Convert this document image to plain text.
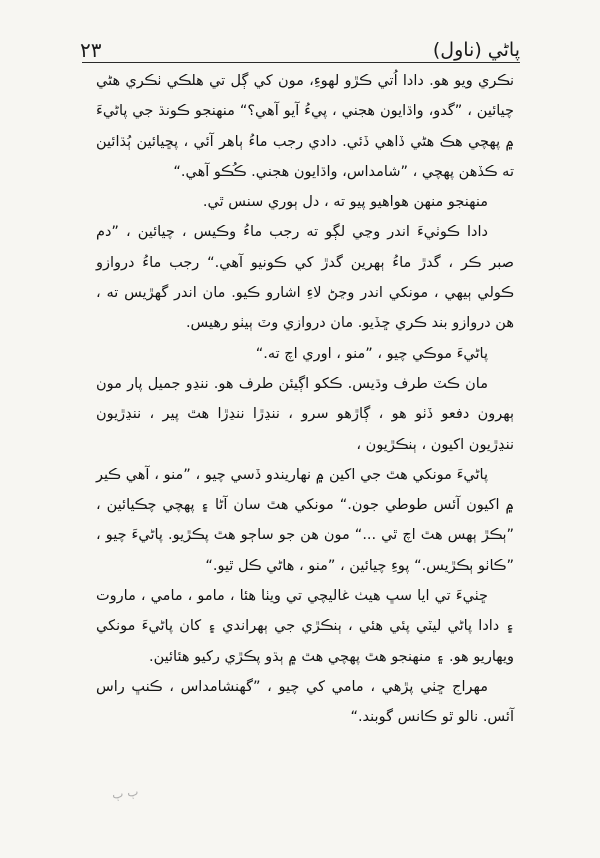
٢٣	پاڻي (ناول)

نڪري ويو هو. دادا اُتي ڪڙو لهوءِ، مون کي ڳل تي هلڪي ٺڪري هڻي چيائين ، ”گدو، واڌايون هجني ، پيءُ آيو آهي؟“ منهنجو ڪونڌ جي پاڻيءَ ۾ پهچي هڪ هڻي ڏاهي ڏئي. دادي رجب ماءُ ٻاهر آئي ، پڇيائين ٻُڌائين ته ڪڏهن پهچي ، ”شامداس، واڌايون هجني. ڪُڪو آهي.“

منهنجو منهن هواهيو پيو ته ، دل ٻوري سنس ٿي.

دادا ڪوٺيءَ اندر وڃي لڳو ته رجب ماءُ وڪيس ، چيائين ، ”دم صبر ڪر ، گدڙ ماءُ ٻهرين گدڙ کي ڪونيو آهي.“ رجب ماءُ دروازو ڪولي ٻيهي ، مونکي اندر وڃڻ لاءِ اشارو ڪيو. مان اندر گھڙيس ته ، هن دروازو بند ڪري ڇڏيو. مان دروازي وٽ ٻيٺو رهيس.

پاڻيءَ موڪي چيو ، ”منو ، اوري اچ ته.“

مان ڪٽ طرف وڌيس. ڪکو اڳيئن طرف هو. ننڍو جميل پار مون ٻهرون دفعو ڏٺو هو ، ڳاڙهو سرو ، ننڍڙا ننڍڙا هٿ پير ، ننڍڙيون ننڍڙيون اکيون ، ٻنڪڙيون ،

پاڻيءَ مونکي هٿ جي اکين ۾ نهاريندو ڏسي چيو ، ”منو ، آهي ڪير ۾ اکيون آئس طوطي جون.“ مونکي هٿ سان آڻا ۽ پهچي چڪيائين ، ”ٻڪڙ ٻهس هٿ اچ ٿي ...“ مون هن جو ساڄو هٿ پڪڙيو. پاڻيءَ چيو ، ”ڪاٺو ٻڪڙيس.“ پوءِ چيائين ، ”منو ، هاڻي ڪل ٿيو.“

ڇٺيءَ تي ايا سڀ هيٺ غاليچي تي ويٺا هئا ، مامو ، مامي ، ماروت ۽ دادا پاڻي ليٽي پئي هئي ، ٻنڪڙي جي ٻهراندي ۽ کان پاڻيءَ مونکي ويهاريو هو. ۽ منهنجو هٿ پهچي هٿ ۾ ٻڌو پڪڙي رکيو هئائين.

مهراج ڇٺي پڙهي ، مامي کي چيو ، ”گھنشامداس ، ڪنڀ راس آئس. نالو ٿو ڪانس گوبند.“

ٻ ٻ
